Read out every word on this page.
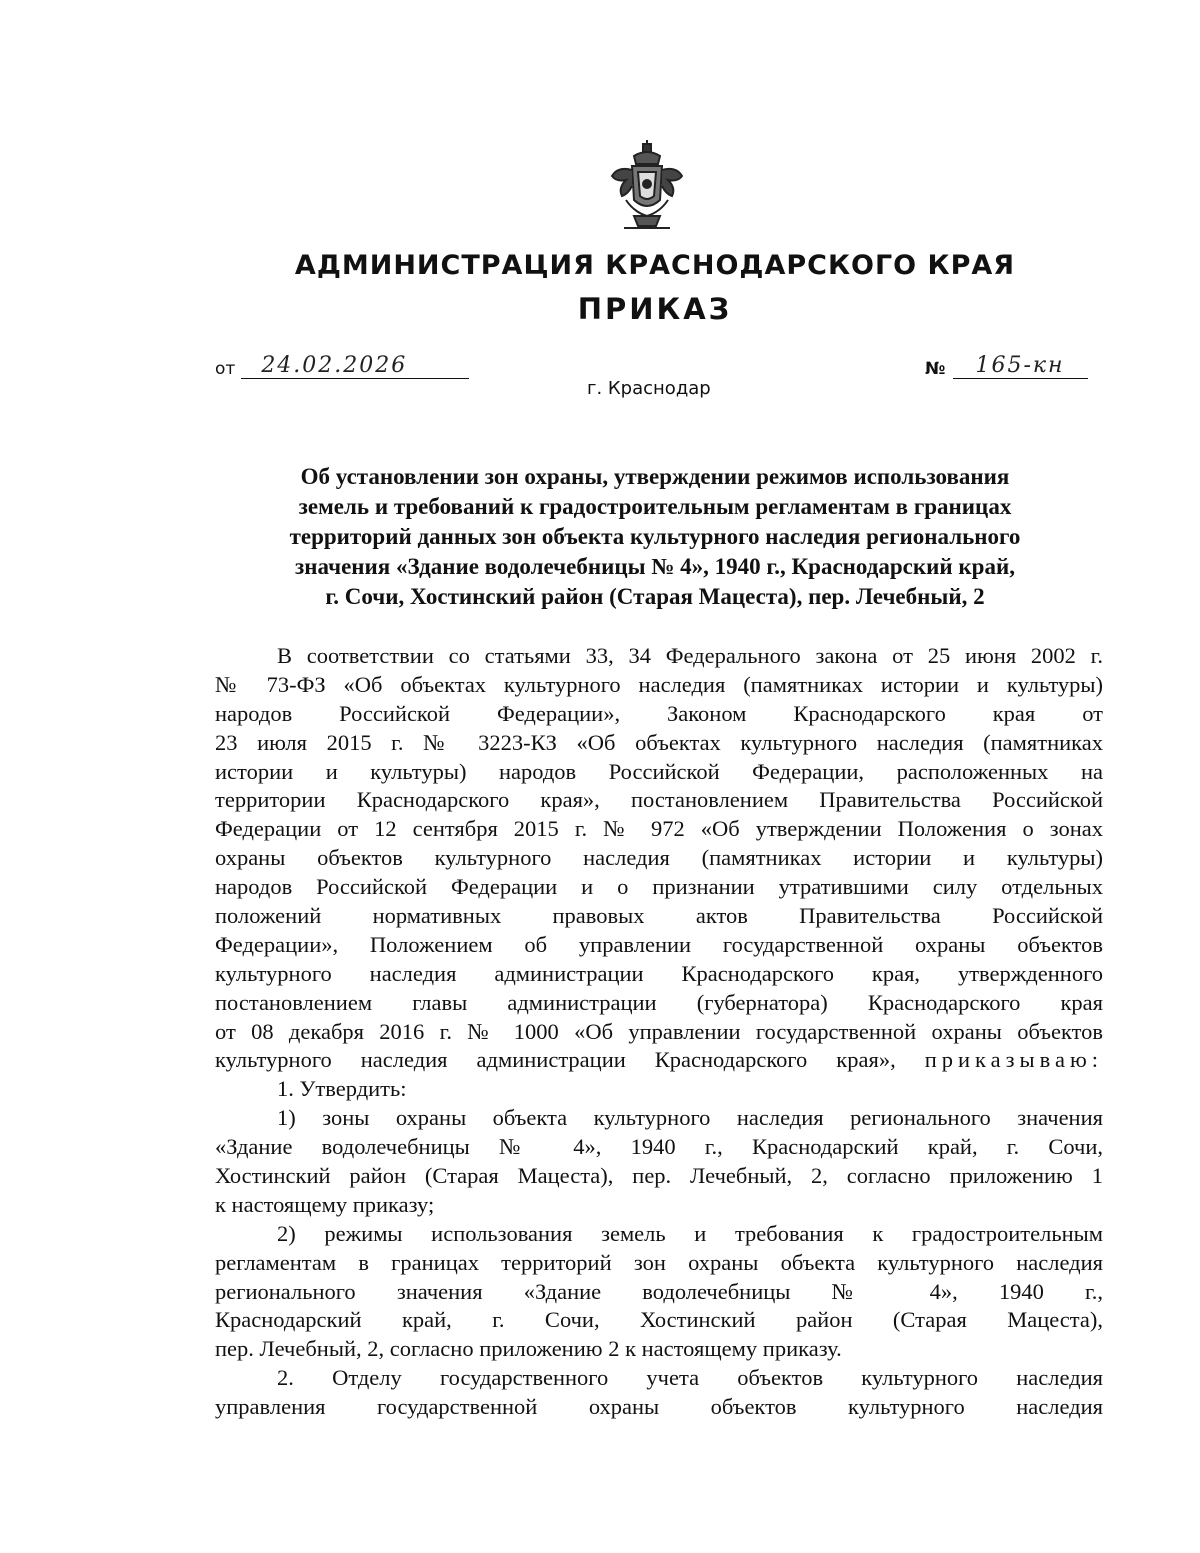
АДМИНИСТРАЦИЯ КРАСНОДАРСКОГО КРАЯ
ПРИКАЗ
от	24.02.2026	№	165-кн
г. Краснодар
Об установлении зон охраны, утверждении режимов использования
земель и требований к градостроительным регламентам в границах
территорий данных зон объекта культурного наследия регионального
значения «Здание водолечебницы № 4», 1940 г., Краснодарский край,
г. Сочи, Хостинский район (Старая Мацеста), пер. Лечебный, 2
В соответствии со статьями 33, 34 Федерального закона от 25 июня 2002 г.
№ 73-ФЗ «Об объектах культурного наследия (памятниках истории и культуры)
народов Российской Федерации», Законом Краснодарского края от
23 июля 2015 г. № 3223-КЗ «Об объектах культурного наследия (памятниках
истории и культуры) народов Российской Федерации, расположенных на
территории Краснодарского края», постановлением Правительства Российской
Федерации от 12 сентября 2015 г. № 972 «Об утверждении Положения о зонах
охраны объектов культурного наследия (памятниках истории и культуры)
народов Российской Федерации и о признании утратившими силу отдельных
положений нормативных правовых актов Правительства Российской
Федерации», Положением об управлении государственной охраны объектов
культурного наследия администрации Краснодарского края, утвержденного
постановлением главы администрации (губернатора) Краснодарского края
от 08 декабря 2016 г. № 1000 «Об управлении государственной охраны объектов
культурного наследия администрации Краснодарского края», приказываю:
1. Утвердить:
1) зоны охраны объекта культурного наследия регионального значения
«Здание водолечебницы № 4», 1940 г., Краснодарский край, г. Сочи,
Хостинский район (Старая Мацеста), пер. Лечебный, 2, согласно приложению 1
к настоящему приказу;
2) режимы использования земель и требования к градостроительным
регламентам в границах территорий зон охраны объекта культурного наследия
регионального значения «Здание водолечебницы № 4», 1940 г.,
Краснодарский край, г. Сочи, Хостинский район (Старая Мацеста),
пер. Лечебный, 2, согласно приложению 2 к настоящему приказу.
2. Отделу государственного учета объектов культурного наследия
управления государственной охраны объектов культурного наследия
